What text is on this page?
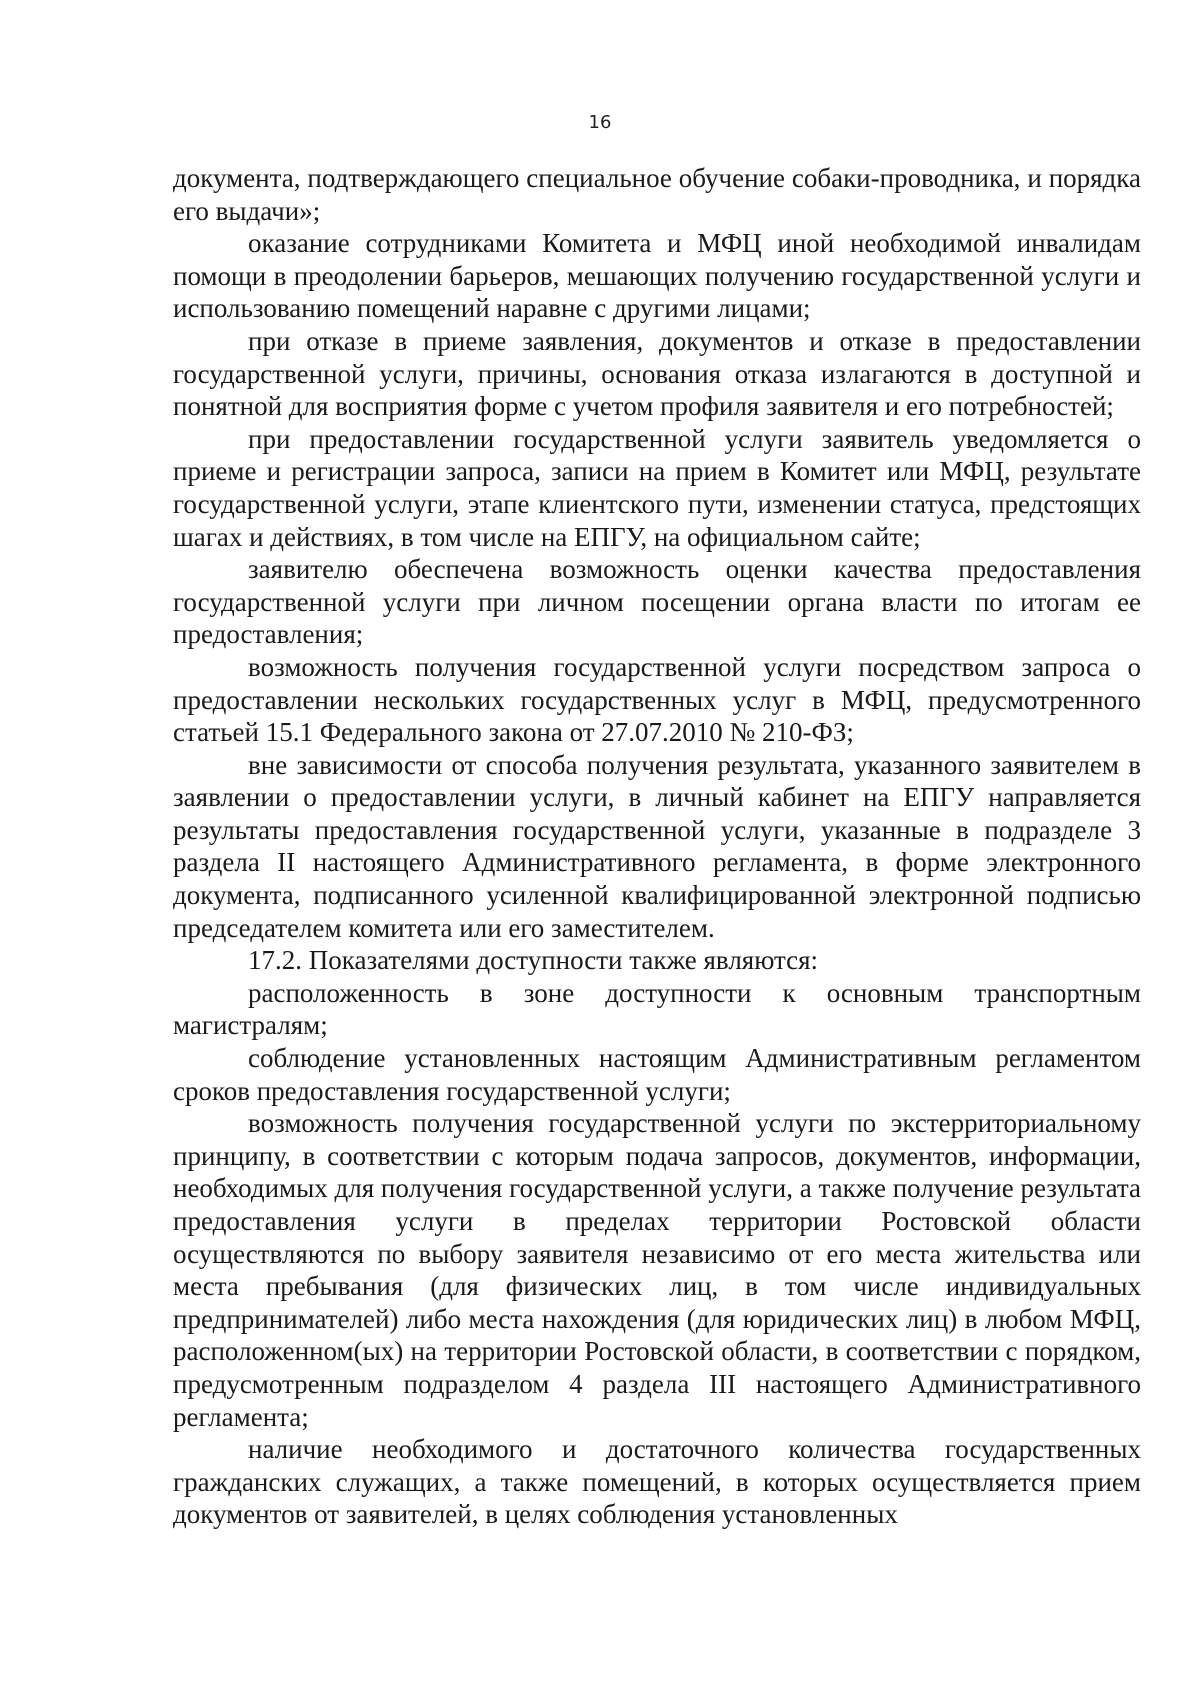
16

документа, подтверждающего специальное обучение собаки-проводника, и порядка его выдачи»;

оказание сотрудниками Комитета и МФЦ иной необходимой инвалидам помощи в преодолении барьеров, мешающих получению государственной услуги и использованию помещений наравне с другими лицами;

при отказе в приеме заявления, документов и отказе в предоставлении государственной услуги, причины, основания отказа излагаются в доступной и понятной для восприятия форме с учетом профиля заявителя и его потребностей;

при предоставлении государственной услуги заявитель уведомляется о приеме и регистрации запроса, записи на прием в Комитет или МФЦ, результате государственной услуги, этапе клиентского пути, изменении статуса, предстоящих шагах и действиях, в том числе на ЕПГУ, на официальном сайте;

заявителю обеспечена возможность оценки качества предоставления государственной услуги при личном посещении органа власти по итогам ее предоставления;

возможность получения государственной услуги посредством запроса о предоставлении нескольких государственных услуг в МФЦ, предусмотренного статьей 15.1 Федерального закона от 27.07.2010 № 210-ФЗ;

вне зависимости от способа получения результата, указанного заявителем в заявлении о предоставлении услуги, в личный кабинет на ЕПГУ направляется результаты предоставления государственной услуги, указанные в подразделе 3 раздела II настоящего Административного регламента, в форме электронного документа, подписанного усиленной квалифицированной электронной подписью председателем комитета или его заместителем.

17.2. Показателями доступности также являются:

расположенность в зоне доступности к основным транспортным магистралям;

соблюдение установленных настоящим Административным регламентом сроков предоставления государственной услуги;

возможность получения государственной услуги по экстерриториальному принципу, в соответствии с которым подача запросов, документов, информации, необходимых для получения государственной услуги, а также получение результата предоставления услуги в пределах территории Ростовской области осуществляются по выбору заявителя независимо от его места жительства или места пребывания (для физических лиц, в том числе индивидуальных предпринимателей) либо места нахождения (для юридических лиц) в любом МФЦ, расположенном(ых) на территории Ростовской области, в соответствии с порядком, предусмотренным подразделом 4 раздела III настоящего Административного регламента;

наличие необходимого и достаточного количества государственных гражданских служащих, а также помещений, в которых осуществляется прием документов от заявителей, в целях соблюдения установленных
